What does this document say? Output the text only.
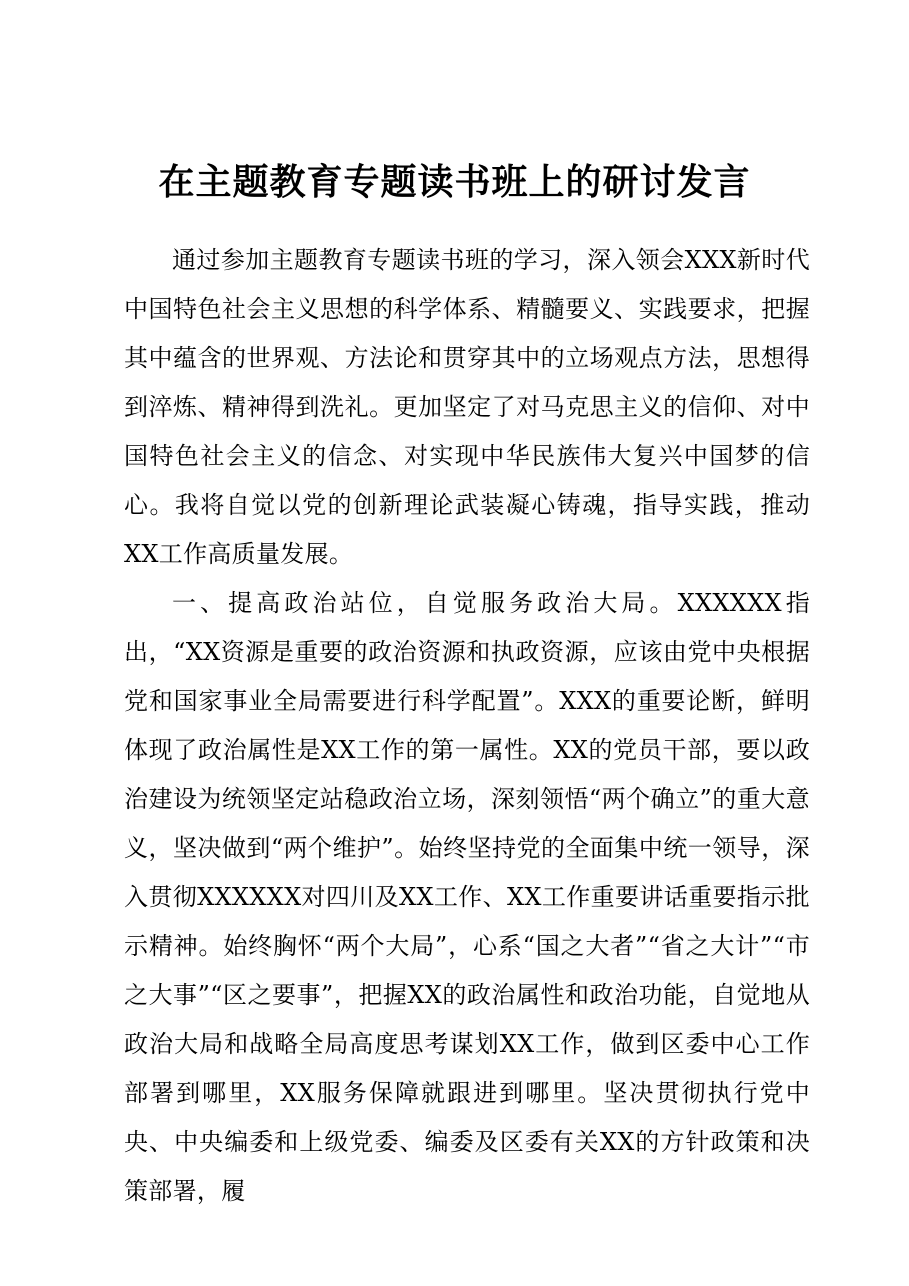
在主题教育专题读书班上的研讨发言

通过参加主题教育专题读书班的学习，深入领会XXX新时代中国特色社会主义思想的科学体系、精髓要义、实践要求，把握其中蕴含的世界观、方法论和贯穿其中的立场观点方法，思想得到淬炼、精神得到洗礼。更加坚定了对马克思主义的信仰、对中国特色社会主义的信念、对实现中华民族伟大复兴中国梦的信心。我将自觉以党的创新理论武装凝心铸魂，指导实践，推动XX工作高质量发展。

一、提高政治站位，自觉服务政治大局。XXXXXX指出，“XX资源是重要的政治资源和执政资源，应该由党中央根据党和国家事业全局需要进行科学配置”。XXX的重要论断，鲜明体现了政治属性是XX工作的第一属性。XX的党员干部，要以政治建设为统领坚定站稳政治立场，深刻领悟“两个确立”的重大意义，坚决做到“两个维护”。始终坚持党的全面集中统一领导，深入贯彻XXXXXX对四川及XX工作、XX工作重要讲话重要指示批示精神。始终胸怀“两个大局”，心系“国之大者”“省之大计”“市之大事”“区之要事”，把握XX的政治属性和政治功能，自觉地从政治大局和战略全局高度思考谋划XX工作，做到区委中心工作部署到哪里，XX服务保障就跟进到哪里。坚决贯彻执行党中央、中央编委和上级党委、编委及区委有关XX的方针政策和决策部署，履
